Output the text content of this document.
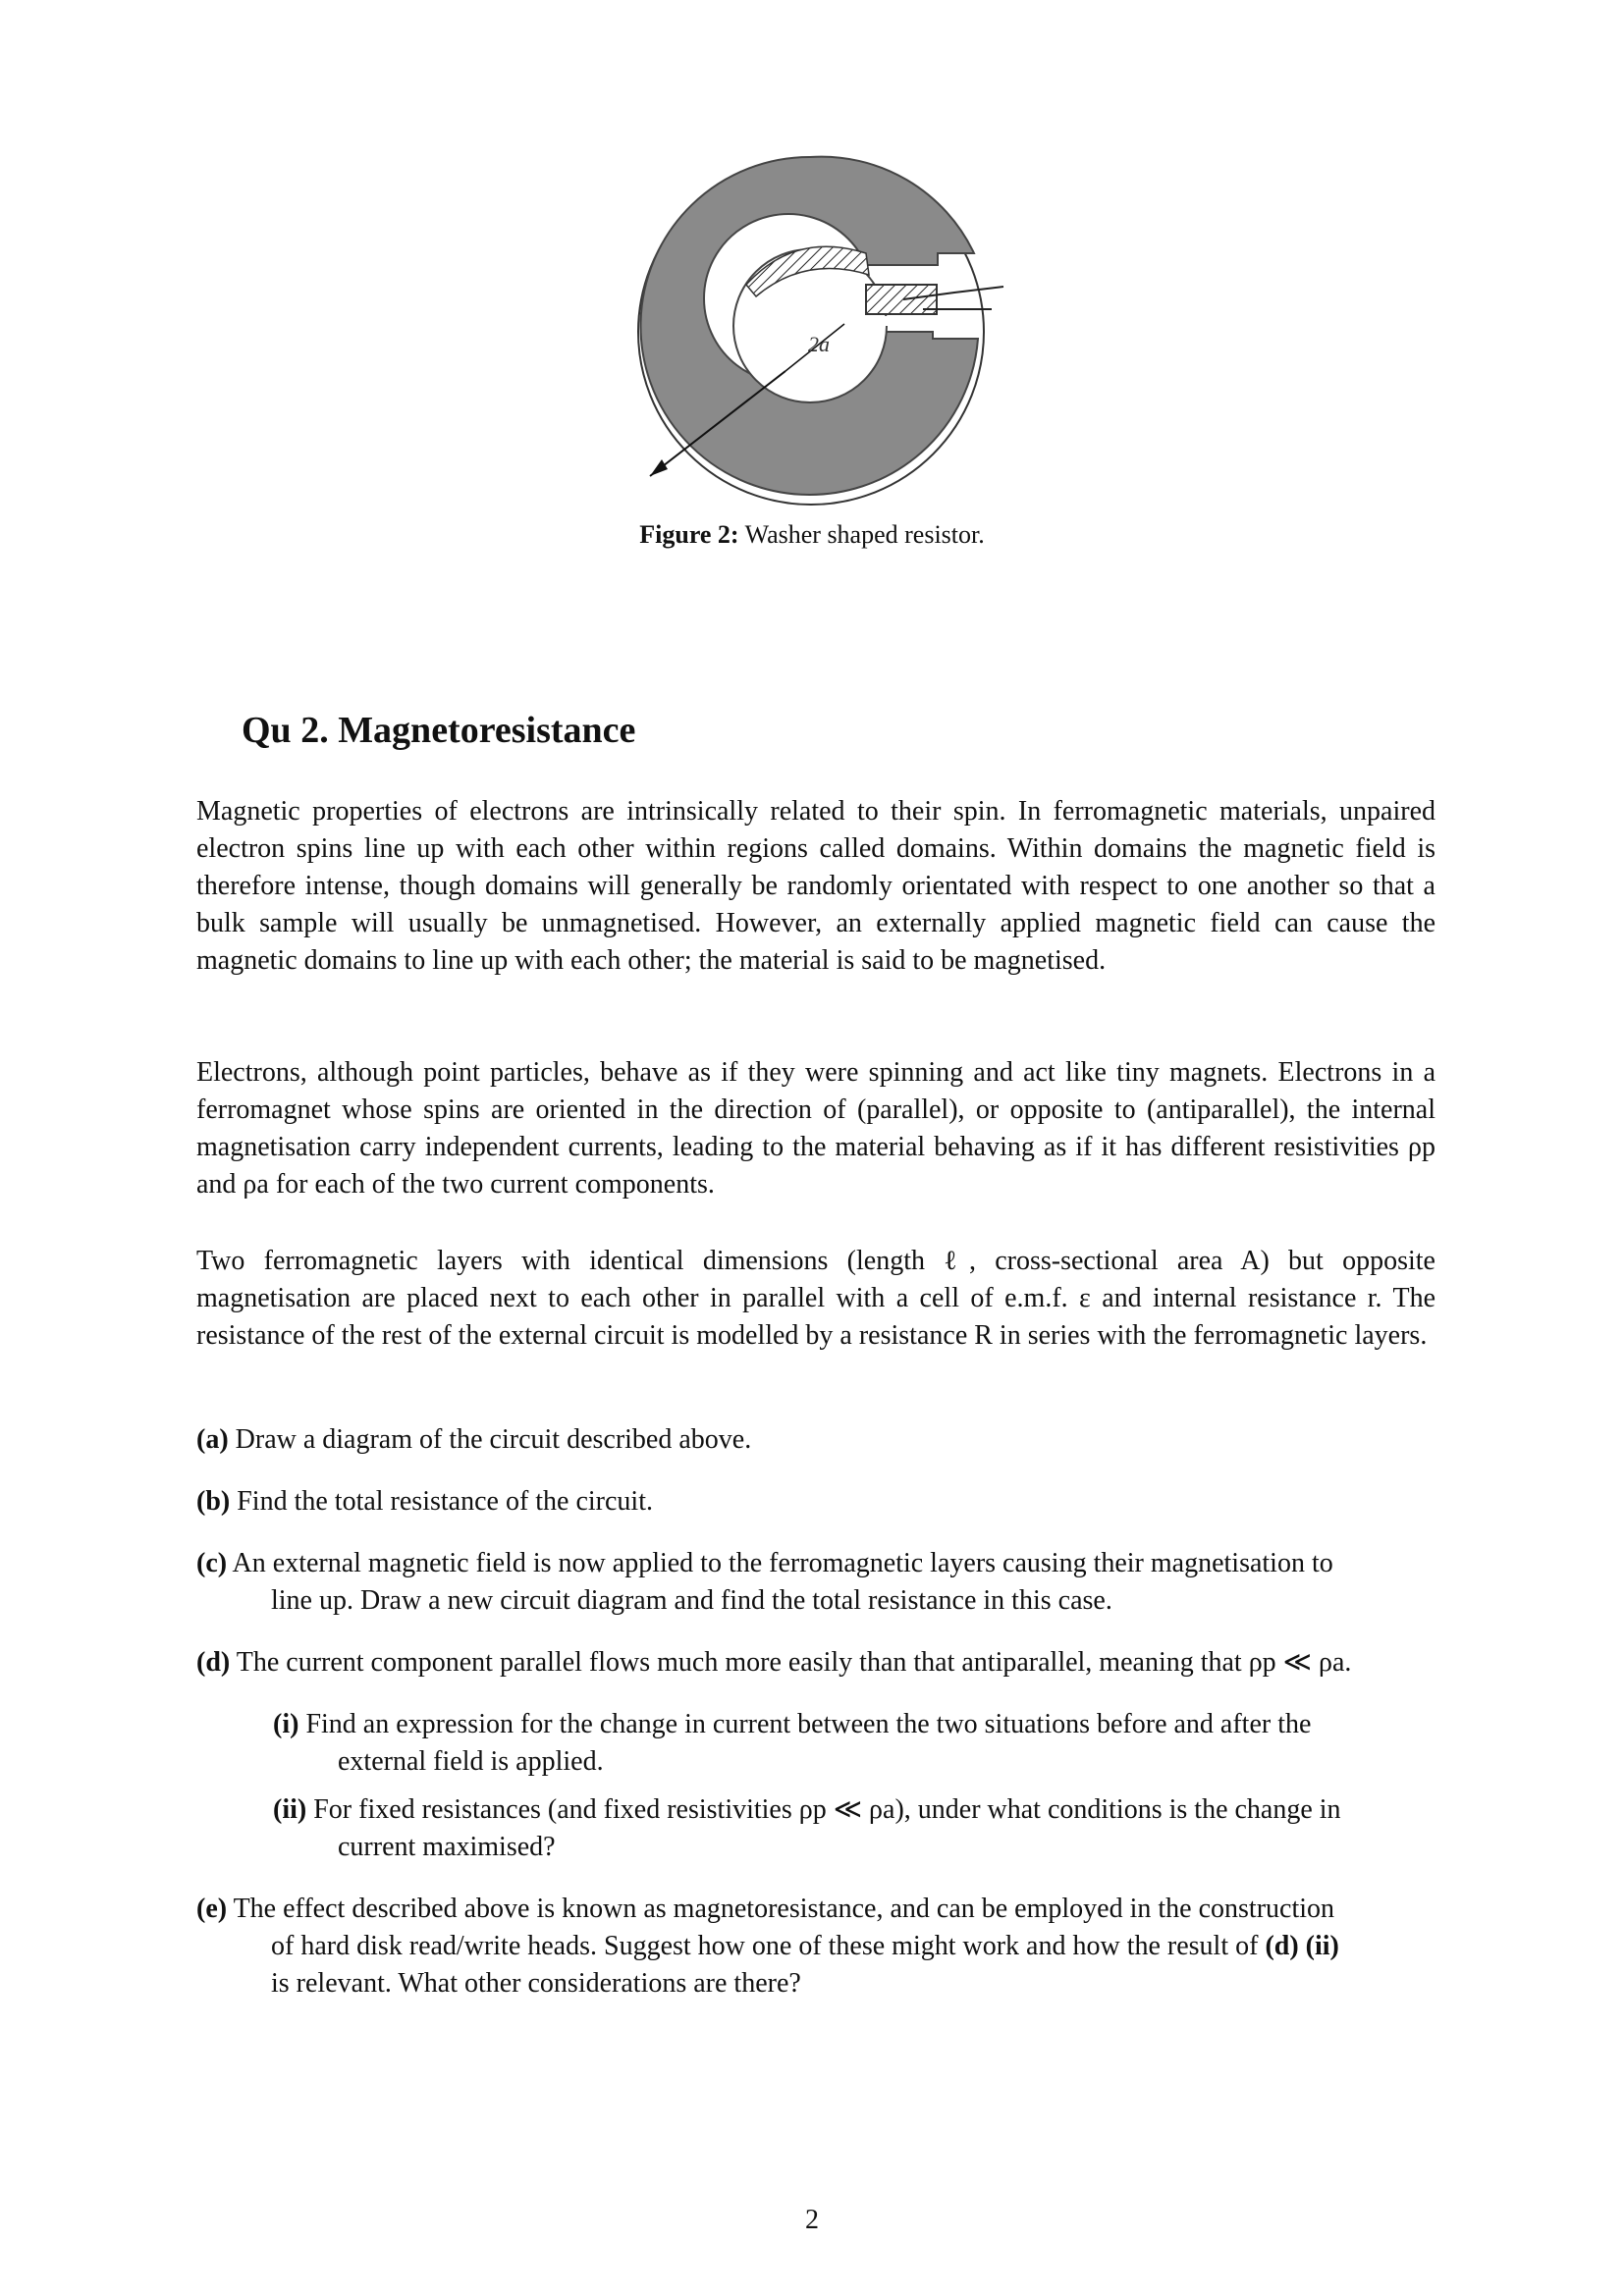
2a
Figure 2: Washer shaped resistor.
Qu 2. Magnetoresistance

Magnetic properties of electrons are intrinsically related to their spin. In ferromagnetic materials, unpaired electron spins line up with each other within regions called domains. Within domains the magnetic field is therefore intense, though domains will generally be randomly orientated with respect to one another so that a bulk sample will usually be unmagnetised. However, an externally applied magnetic field can cause the magnetic domains to line up with each other; the material is said to be magnetised.

Electrons, although point particles, behave as if they were spinning and act like tiny magnets. Electrons in a ferromagnet whose spins are oriented in the direction of (parallel), or opposite to (antiparallel), the internal magnetisation carry independent currents, leading to the material behaving as if it has different resistivities ρp and ρa for each of the two current components.

Two ferromagnetic layers with identical dimensions (length ℓ, cross-sectional area A) but opposite magnetisation are placed next to each other in parallel with a cell of e.m.f. ε and internal resistance r. The resistance of the rest of the external circuit is modelled by a resistance R in series with the ferromagnetic layers.

(a) Draw a diagram of the circuit described above.
(b) Find the total resistance of the circuit.
(c) An external magnetic field is now applied to the ferromagnetic layers causing their magnetisation to
line up. Draw a new circuit diagram and find the total resistance in this case.
(d) The current component parallel flows much more easily than that antiparallel, meaning that ρp ≪ ρa.
(i) Find an expression for the change in current between the two situations before and after the
external field is applied.
(ii) For fixed resistances (and fixed resistivities ρp ≪ ρa), under what conditions is the change in
current maximised?
(e) The effect described above is known as magnetoresistance, and can be employed in the construction
of hard disk read/write heads. Suggest how one of these might work and how the result of (d) (ii)
is relevant. What other considerations are there?
2
